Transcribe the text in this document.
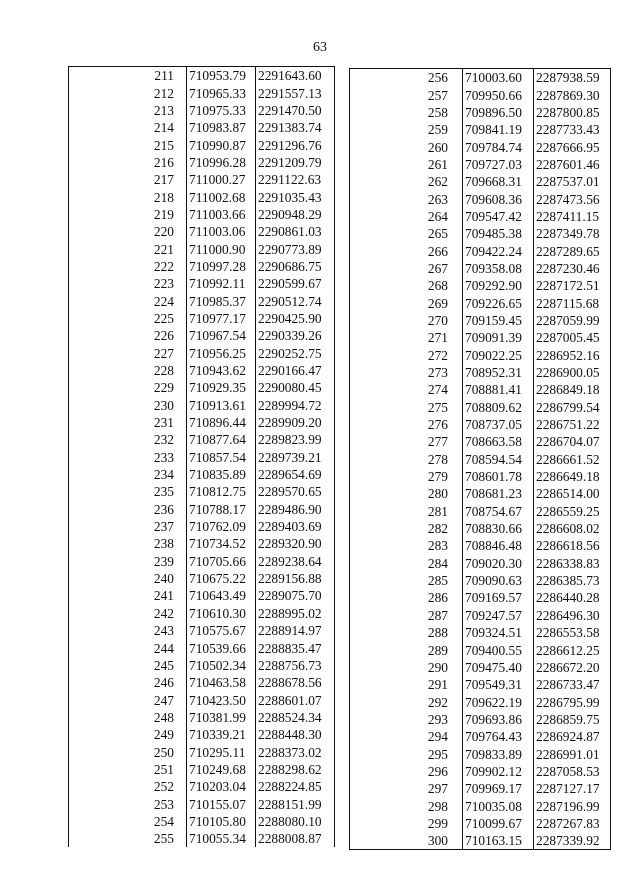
63
211	710953.79	2291643.60
212	710965.33	2291557.13
213	710975.33	2291470.50
214	710983.87	2291383.74
215	710990.87	2291296.76
216	710996.28	2291209.79
217	711000.27	2291122.63
218	711002.68	2291035.43
219	711003.66	2290948.29
220	711003.06	2290861.03
221	711000.90	2290773.89
222	710997.28	2290686.75
223	710992.11	2290599.67
224	710985.37	2290512.74
225	710977.17	2290425.90
226	710967.54	2290339.26
227	710956.25	2290252.75
228	710943.62	2290166.47
229	710929.35	2290080.45
230	710913.61	2289994.72
231	710896.44	2289909.20
232	710877.64	2289823.99
233	710857.54	2289739.21
234	710835.89	2289654.69
235	710812.75	2289570.65
236	710788.17	2289486.90
237	710762.09	2289403.69
238	710734.52	2289320.90
239	710705.66	2289238.64
240	710675.22	2289156.88
241	710643.49	2289075.70
242	710610.30	2288995.02
243	710575.67	2288914.97
244	710539.66	2288835.47
245	710502.34	2288756.73
246	710463.58	2288678.56
247	710423.50	2288601.07
248	710381.99	2288524.34
249	710339.21	2288448.30
250	710295.11	2288373.02
251	710249.68	2288298.62
252	710203.04	2288224.85
253	710155.07	2288151.99
254	710105.80	2288080.10
255	710055.34	2288008.87
256	710003.60	2287938.59
257	709950.66	2287869.30
258	709896.50	2287800.85
259	709841.19	2287733.43
260	709784.74	2287666.95
261	709727.03	2287601.46
262	709668.31	2287537.01
263	709608.36	2287473.56
264	709547.42	2287411.15
265	709485.38	2287349.78
266	709422.24	2287289.65
267	709358.08	2287230.46
268	709292.90	2287172.51
269	709226.65	2287115.68
270	709159.45	2287059.99
271	709091.39	2287005.45
272	709022.25	2286952.16
273	708952.31	2286900.05
274	708881.41	2286849.18
275	708809.62	2286799.54
276	708737.05	2286751.22
277	708663.58	2286704.07
278	708594.54	2286661.52
279	708601.78	2286649.18
280	708681.23	2286514.00
281	708754.67	2286559.25
282	708830.66	2286608.02
283	708846.48	2286618.56
284	709020.30	2286338.83
285	709090.63	2286385.73
286	709169.57	2286440.28
287	709247.57	2286496.30
288	709324.51	2286553.58
289	709400.55	2286612.25
290	709475.40	2286672.20
291	709549.31	2286733.47
292	709622.19	2286795.99
293	709693.86	2286859.75
294	709764.43	2286924.87
295	709833.89	2286991.01
296	709902.12	2287058.53
297	709969.17	2287127.17
298	710035.08	2287196.99
299	710099.67	2287267.83
300	710163.15	2287339.92
